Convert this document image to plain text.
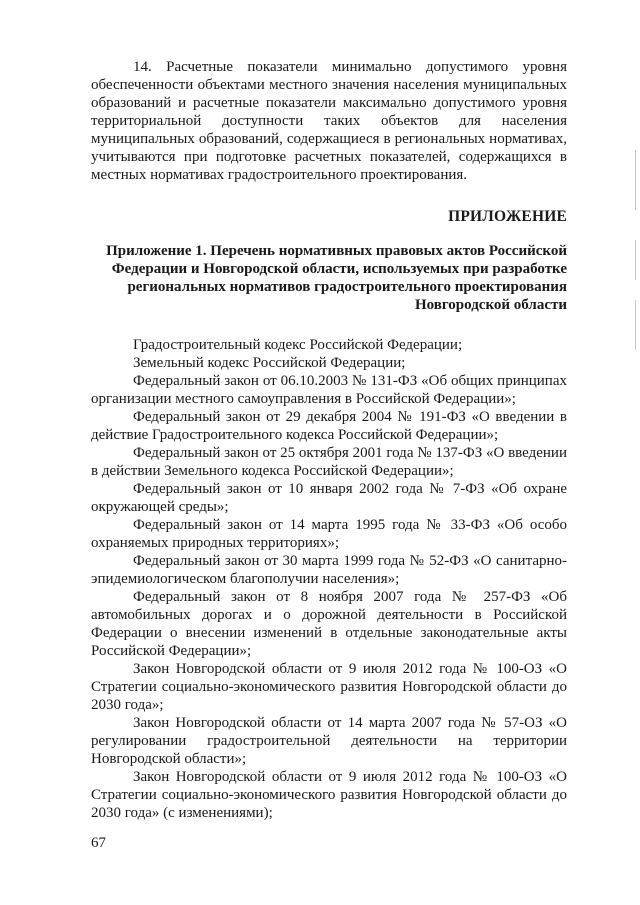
14. Расчетные показатели минимально допустимого уровня обеспеченности объектами местного значения населения муниципальных образований и расчетные показатели максимально допустимого уровня территориальной доступности таких объектов для населения муниципальных образований, содержащиеся в региональных нормативах, учитываются при подготовке расчетных показателей, содержащихся в местных нормативах градостроительного проектирования.

ПРИЛОЖЕНИЕ

Приложение 1. Перечень нормативных правовых актов Российской Федерации и Новгородской области, используемых при разработке региональных нормативов градостроительного проектирования Новгородской области

Градостроительный кодекс Российской Федерации;

Земельный кодекс Российской Федерации;

Федеральный закон от 06.10.2003 № 131-ФЗ «Об общих принципах организации местного самоуправления в Российской Федерации»;

Федеральный закон от 29 декабря 2004 № 191-ФЗ «О введении в действие Градостроительного кодекса Российской Федерации»;

Федеральный закон от 25 октября 2001 года № 137-ФЗ «О введении в действии Земельного кодекса Российской Федерации»;

Федеральный закон от 10 января 2002 года № 7-ФЗ «Об охране окружающей среды»;

Федеральный закон от 14 марта 1995 года № 33-ФЗ «Об особо охраняемых природных территориях»;

Федеральный закон от 30 марта 1999 года № 52-ФЗ «О санитарно-эпидемиологическом благополучии населения»;

Федеральный закон от 8 ноября 2007 года № 257-ФЗ «Об автомобильных дорогах и о дорожной деятельности в Российской Федерации о внесении изменений в отдельные законодательные акты Российской Федерации»;

Закон Новгородской области от 9 июля 2012 года № 100-ОЗ «О Стратегии социально-экономического развития Новгородской области до 2030 года»;

Закон Новгородской области от 14 марта 2007 года № 57-ОЗ «О регулировании градостроительной деятельности на территории Новгородской области»;

Закон Новгородской области от 9 июля 2012 года № 100-ОЗ «О Стратегии социально-экономического развития Новгородской области до 2030 года» (с изменениями);

67
